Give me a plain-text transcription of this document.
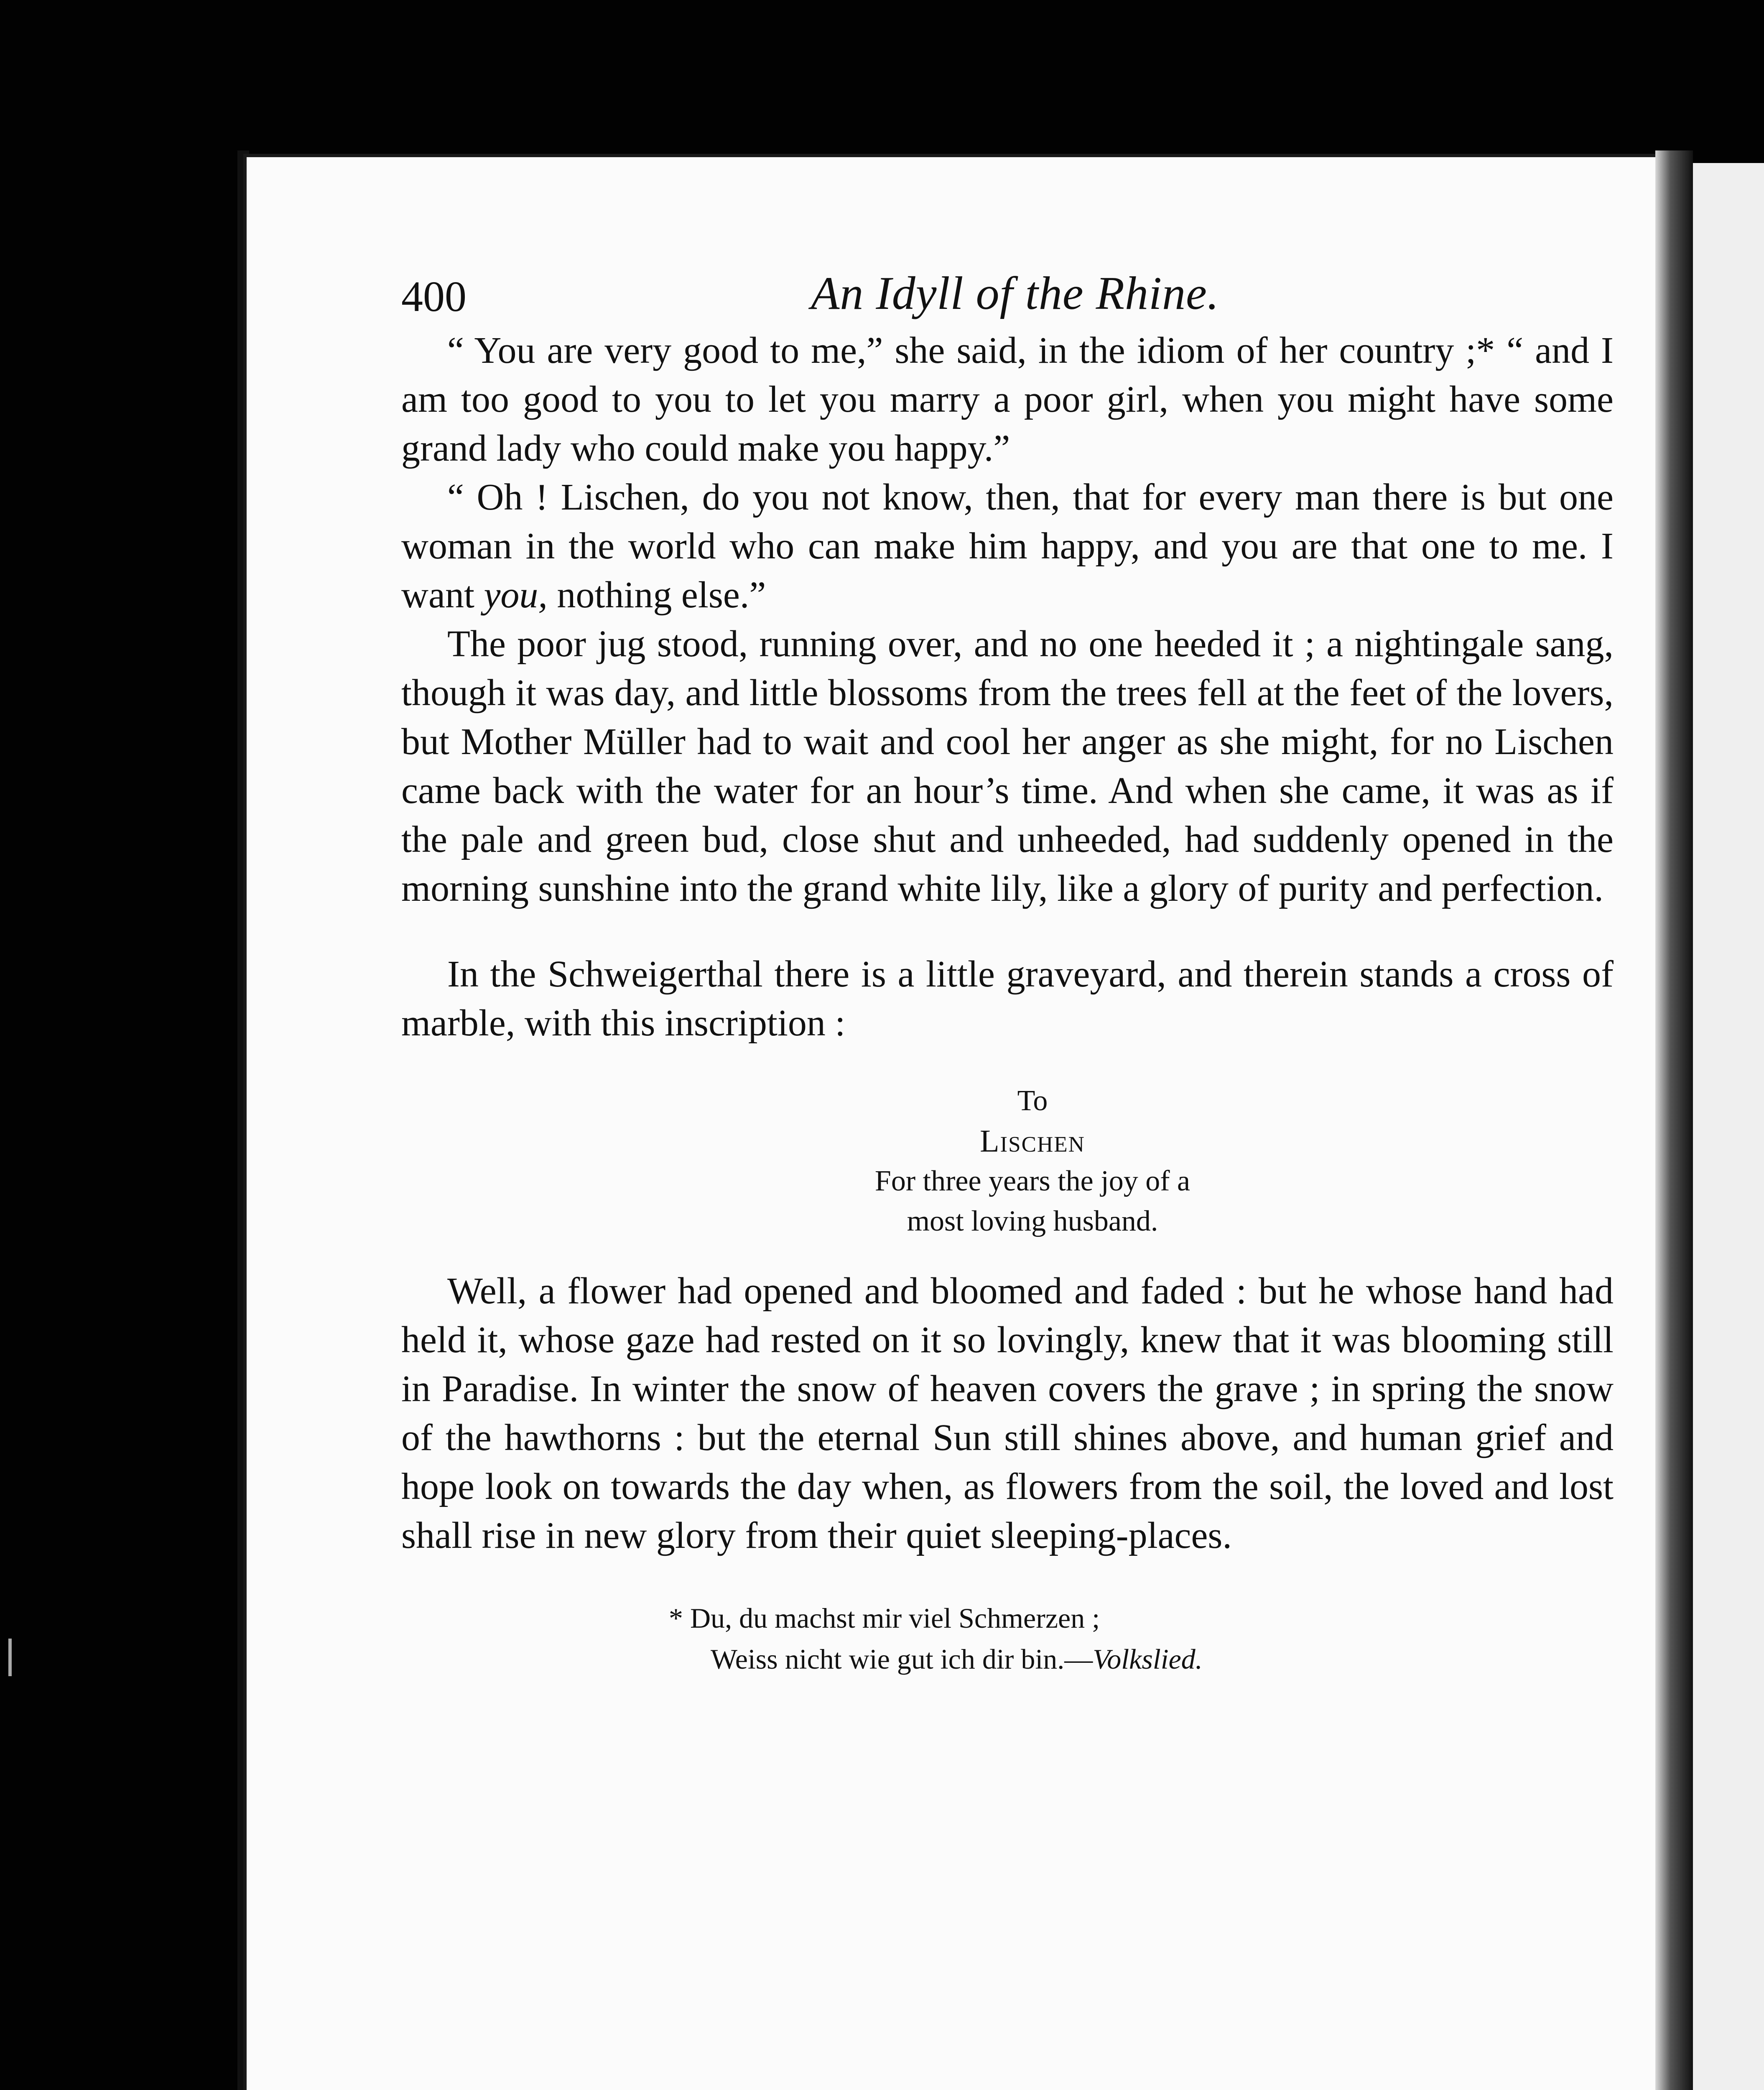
400	An Idyll of the Rhine.

“ You are very good to me,” she said, in the idiom of her country ;* “ and I am too good to you to let you marry a poor girl, when you might have some grand lady who could make you happy.”

“ Oh ! Lischen, do you not know, then, that for every man there is but one woman in the world who can make him happy, and you are that one to me. I want you, nothing else.”

The poor jug stood, running over, and no one heeded it ; a nightingale sang, though it was day, and little blossoms from the trees fell at the feet of the lovers, but Mother Müller had to wait and cool her anger as she might, for no Lischen came back with the water for an hour’s time. And when she came, it was as if the pale and green bud, close shut and unheeded, had suddenly opened in the morning sunshine into the grand white lily, like a glory of purity and perfection.

In the Schweigerthal there is a little graveyard, and therein stands a cross of marble, with this inscription :

To
Lischen
For three years the joy of a
most loving husband.

Well, a flower had opened and bloomed and faded : but he whose hand had held it, whose gaze had rested on it so lovingly, knew that it was blooming still in Paradise. In winter the snow of heaven covers the grave ; in spring the snow of the hawthorns : but the eternal Sun still shines above, and human grief and hope look on towards the day when, as flowers from the soil, the loved and lost shall rise in new glory from their quiet sleeping-places.

* Du, du machst mir viel Schmerzen ;
Weiss nicht wie gut ich dir bin.—Volkslied.
